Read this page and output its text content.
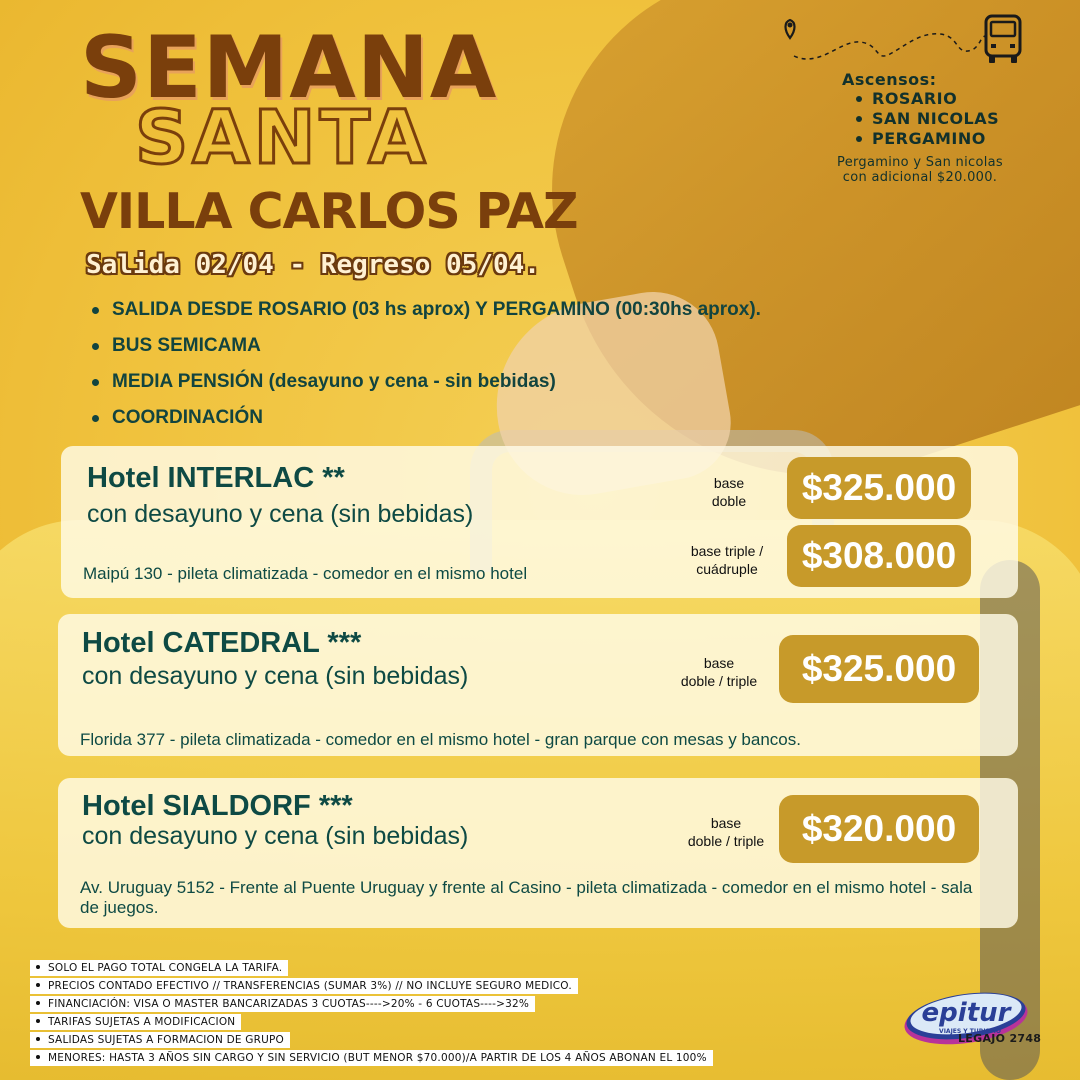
SEMANA
SANTA
VILLA CARLOS PAZ
Salida 02/04 - Regreso 05/04.
SALIDA DESDE ROSARIO (03 hs aprox) Y PERGAMINO (00:30hs aprox).
BUS SEMICAMA
MEDIA PENSIÓN (desayuno y cena - sin bebidas)
COORDINACIÓN
Ascensos:
ROSARIO
SAN NICOLAS
PERGAMINO
Pergamino y San nicolas
con adicional $20.000.
Hotel INTERLAC **
con desayuno y cena (sin bebidas)
Maipú 130 - pileta climatizada - comedor en el mismo hotel
base
doble	$325.000
base triple /
cuádruple	$308.000
Hotel CATEDRAL ***
con desayuno y cena (sin bebidas)
Florida 377 - pileta climatizada - comedor en el mismo hotel - gran parque con mesas y bancos.
base
doble / triple	$325.000
Hotel SIALDORF ***
con desayuno y cena (sin bebidas)
Av. Uruguay 5152 - Frente al Puente Uruguay y frente al Casino - pileta climatizada - comedor en el mismo hotel - sala de juegos.
base
doble / triple	$320.000
SOLO EL PAGO TOTAL CONGELA LA TARIFA.
PRECIOS CONTADO EFECTIVO // TRANSFERENCIAS (SUMAR 3%) // NO INCLUYE SEGURO MEDICO.
FINANCIACIÓN: VISA O MASTER BANCARIZADAS 3 CUOTAS---->20% - 6 CUOTAS---->32%
TARIFAS SUJETAS A MODIFICACION
SALIDAS SUJETAS A FORMACION DE GRUPO
MENORES: HASTA 3 AÑOS SIN CARGO Y SIN SERVICIO (BUT MENOR $70.000)/A PARTIR DE LOS 4 AÑOS ABONAN EL 100%
epitur
VIAJES Y TURISMO
LEGAJO 2748
